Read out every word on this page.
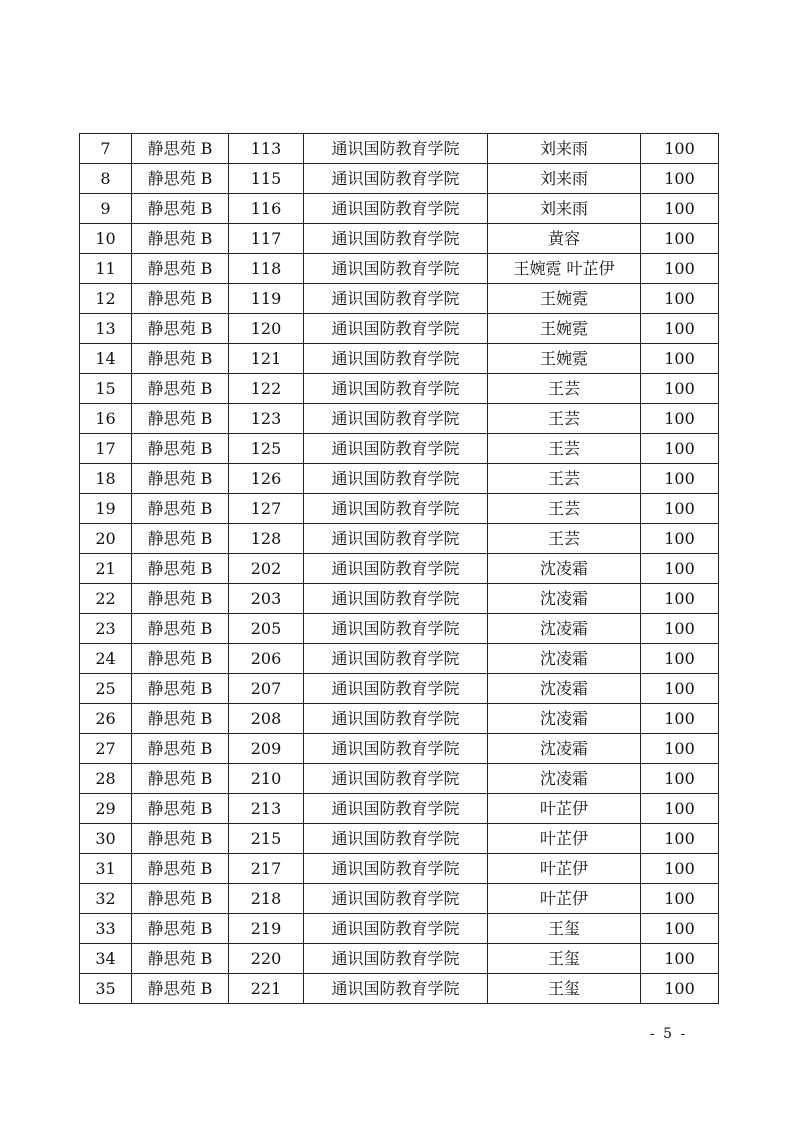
7	静思苑 B	113	通识国防教育学院	刘来雨	100
8	静思苑 B	115	通识国防教育学院	刘来雨	100
9	静思苑 B	116	通识国防教育学院	刘来雨	100
10	静思苑 B	117	通识国防教育学院	黄容	100
11	静思苑 B	118	通识国防教育学院	王婉霓 叶芷伊	100
12	静思苑 B	119	通识国防教育学院	王婉霓	100
13	静思苑 B	120	通识国防教育学院	王婉霓	100
14	静思苑 B	121	通识国防教育学院	王婉霓	100
15	静思苑 B	122	通识国防教育学院	王芸	100
16	静思苑 B	123	通识国防教育学院	王芸	100
17	静思苑 B	125	通识国防教育学院	王芸	100
18	静思苑 B	126	通识国防教育学院	王芸	100
19	静思苑 B	127	通识国防教育学院	王芸	100
20	静思苑 B	128	通识国防教育学院	王芸	100
21	静思苑 B	202	通识国防教育学院	沈凌霜	100
22	静思苑 B	203	通识国防教育学院	沈凌霜	100
23	静思苑 B	205	通识国防教育学院	沈凌霜	100
24	静思苑 B	206	通识国防教育学院	沈凌霜	100
25	静思苑 B	207	通识国防教育学院	沈凌霜	100
26	静思苑 B	208	通识国防教育学院	沈凌霜	100
27	静思苑 B	209	通识国防教育学院	沈凌霜	100
28	静思苑 B	210	通识国防教育学院	沈凌霜	100
29	静思苑 B	213	通识国防教育学院	叶芷伊	100
30	静思苑 B	215	通识国防教育学院	叶芷伊	100
31	静思苑 B	217	通识国防教育学院	叶芷伊	100
32	静思苑 B	218	通识国防教育学院	叶芷伊	100
33	静思苑 B	219	通识国防教育学院	王玺	100
34	静思苑 B	220	通识国防教育学院	王玺	100
35	静思苑 B	221	通识国防教育学院	王玺	100
- 5 -
